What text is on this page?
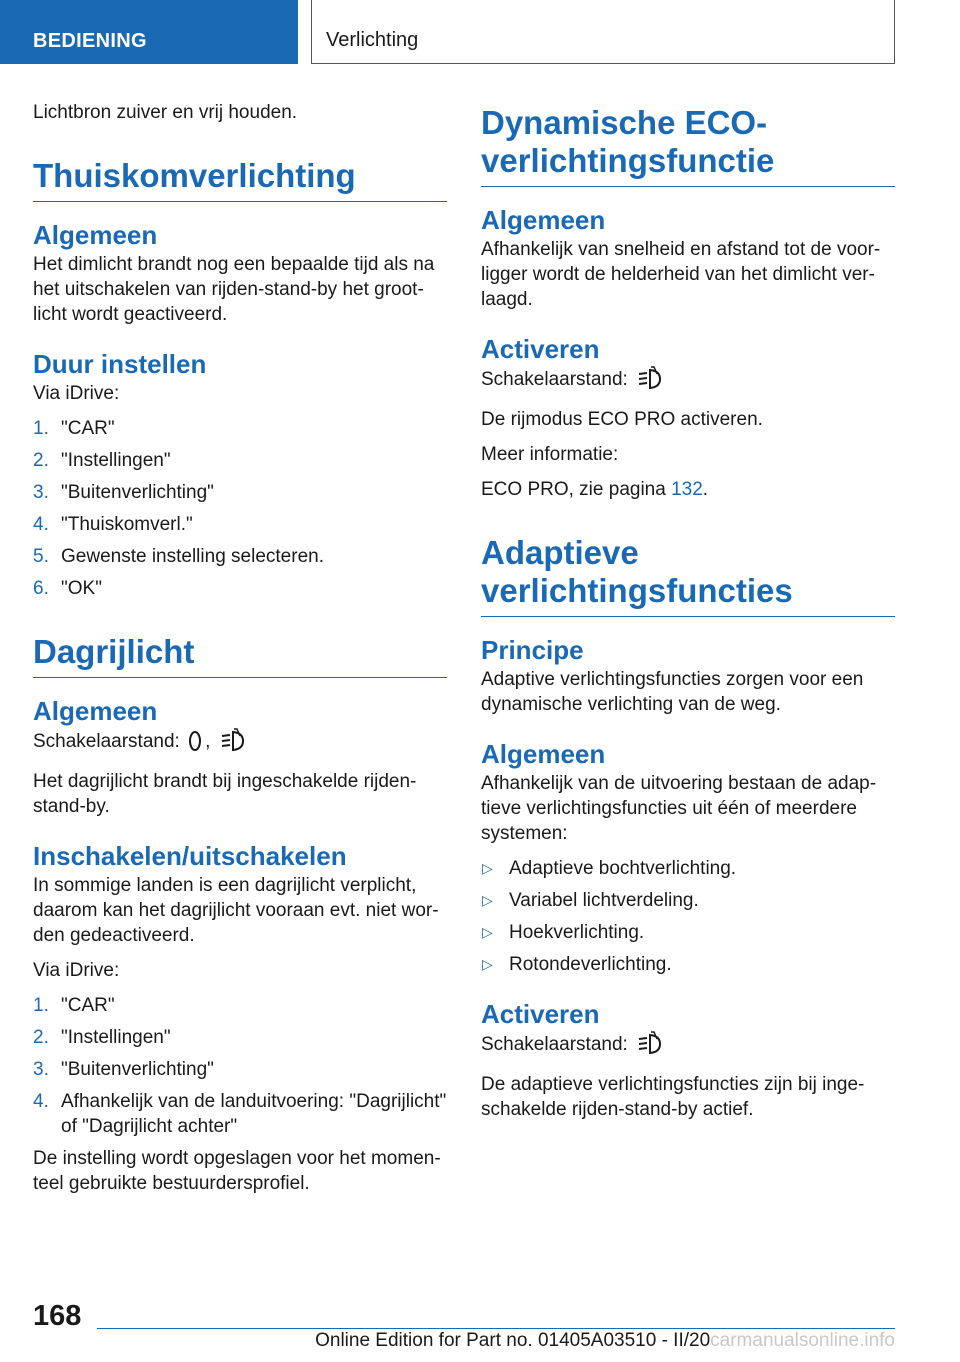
BEDIENING	Verlichting

Lichtbron zuiver en vrij houden.

Thuiskomverlichting
Algemeen

Het dimlicht brandt nog een bepaalde tijd als na het uitschakelen van rijden-stand-by het groot-licht wordt geactiveerd.

Duur instellen

Via iDrive:

1. "CAR"
2. "Instellingen"
3. "Buitenverlichting"
4. "Thuiskomverl."
5. Gewenste instelling selecteren.
6. "OK"
Dagrijlicht
Algemeen

Schakelaarstand: ,

Het dagrijlicht brandt bij ingeschakelde rijden-stand-by.

Inschakelen/uitschakelen

In sommige landen is een dagrijlicht verplicht, daarom kan het dagrijlicht vooraan evt. niet wor-den gedeactiveerd.

Via iDrive:

1. "CAR"
2. "Instellingen"
3. "Buitenverlichting"
4. Afhankelijk van de landuitvoering: "Dagrijlicht" of "Dagrijlicht achter"

De instelling wordt opgeslagen voor het momen-teel gebruikte bestuurdersprofiel.

Dynamische ECO-verlichtingsfunctie
Algemeen

Afhankelijk van snelheid en afstand tot de voor-ligger wordt de helderheid van het dimlicht ver-laagd.

Activeren

Schakelaarstand:

De rijmodus ECO PRO activeren.

Meer informatie:

ECO PRO, zie pagina 132.

Adaptieve verlichtingsfuncties
Principe

Adaptive verlichtingsfuncties zorgen voor een dynamische verlichting van de weg.

Algemeen

Afhankelijk van de uitvoering bestaan de adap-tieve verlichtingsfuncties uit één of meerdere systemen:

▷ Adaptieve bochtverlichting.
▷ Variabel lichtverdeling.
▷ Hoekverlichting.
▷ Rotondeverlichting.
Activeren

Schakelaarstand:

De adaptieve verlichtingsfuncties zijn bij inge-schakelde rijden-stand-by actief.

168
Online Edition for Part no. 01405A03510 - II/20carmanualsonline.info
